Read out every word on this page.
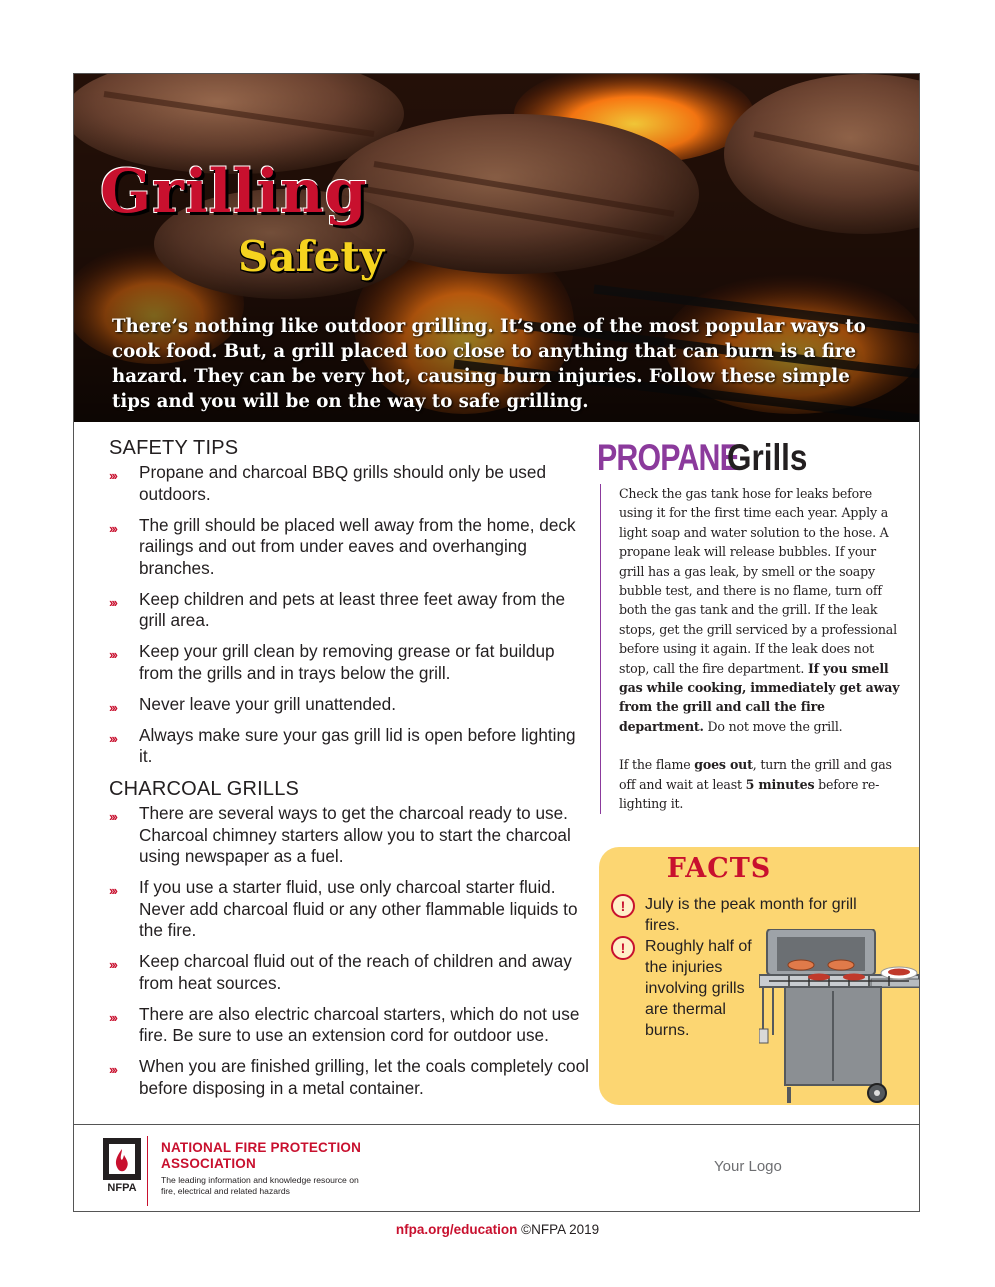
Grilling
Safety
There’s nothing like outdoor grilling. It’s one of the most popular ways to cook food. But, a grill placed too close to anything that can burn is a fire hazard. They can be very hot, causing burn injuries. Follow these simple tips and you will be on the way to safe grilling.
SAFETY TIPS
››› Propane and charcoal BBQ grills should only be used outdoors.
››› The grill should be placed well away from the home, deck railings and out from under eaves and overhanging branches.
››› Keep children and pets at least three feet away from the grill area.
››› Keep your grill clean by removing grease or fat buildup from the grills and in trays below the grill.
››› Never leave your grill unattended.
››› Always make sure your gas grill lid is open before lighting it.
CHARCOAL GRILLS
››› There are several ways to get the charcoal ready to use. Charcoal chimney starters allow you to start the charcoal using newspaper as a fuel.
››› If you use a starter fluid, use only charcoal starter fluid. Never add charcoal fluid or any other flammable liquids to the fire.
››› Keep charcoal fluid out of the reach of children and away from heat sources.
››› There are also electric charcoal starters, which do not use fire. Be sure to use an extension cord for outdoor use.
››› When you are finished grilling, let the coals completely cool before disposing in a metal container.
PROPANE
Grills

Check the gas tank hose for leaks before using it for the first time each year. Apply a light soap and water solution to the hose. A propane leak will release bubbles. If your grill has a gas leak, by smell or the soapy bubble test, and there is no flame, turn off both the gas tank and the grill. If the leak stops, get the grill serviced by a professional before using it again. If the leak does not stop, call the fire department. If you smell gas while cooking, immediately get away from the grill and call the fire department. Do not move the grill.

If the flame goes out, turn the grill and gas off and wait at least 5 minutes before re-lighting it.

FACTS
!	July is the peak month for grill fires.
!	Roughly half of the injuries involving grills are thermal burns.
NFPA
NATIONAL FIRE PROTECTION ASSOCIATION
The leading information and knowledge resource on fire, electrical and related hazards
Your Logo
nfpa.org/education ©NFPA 2019
